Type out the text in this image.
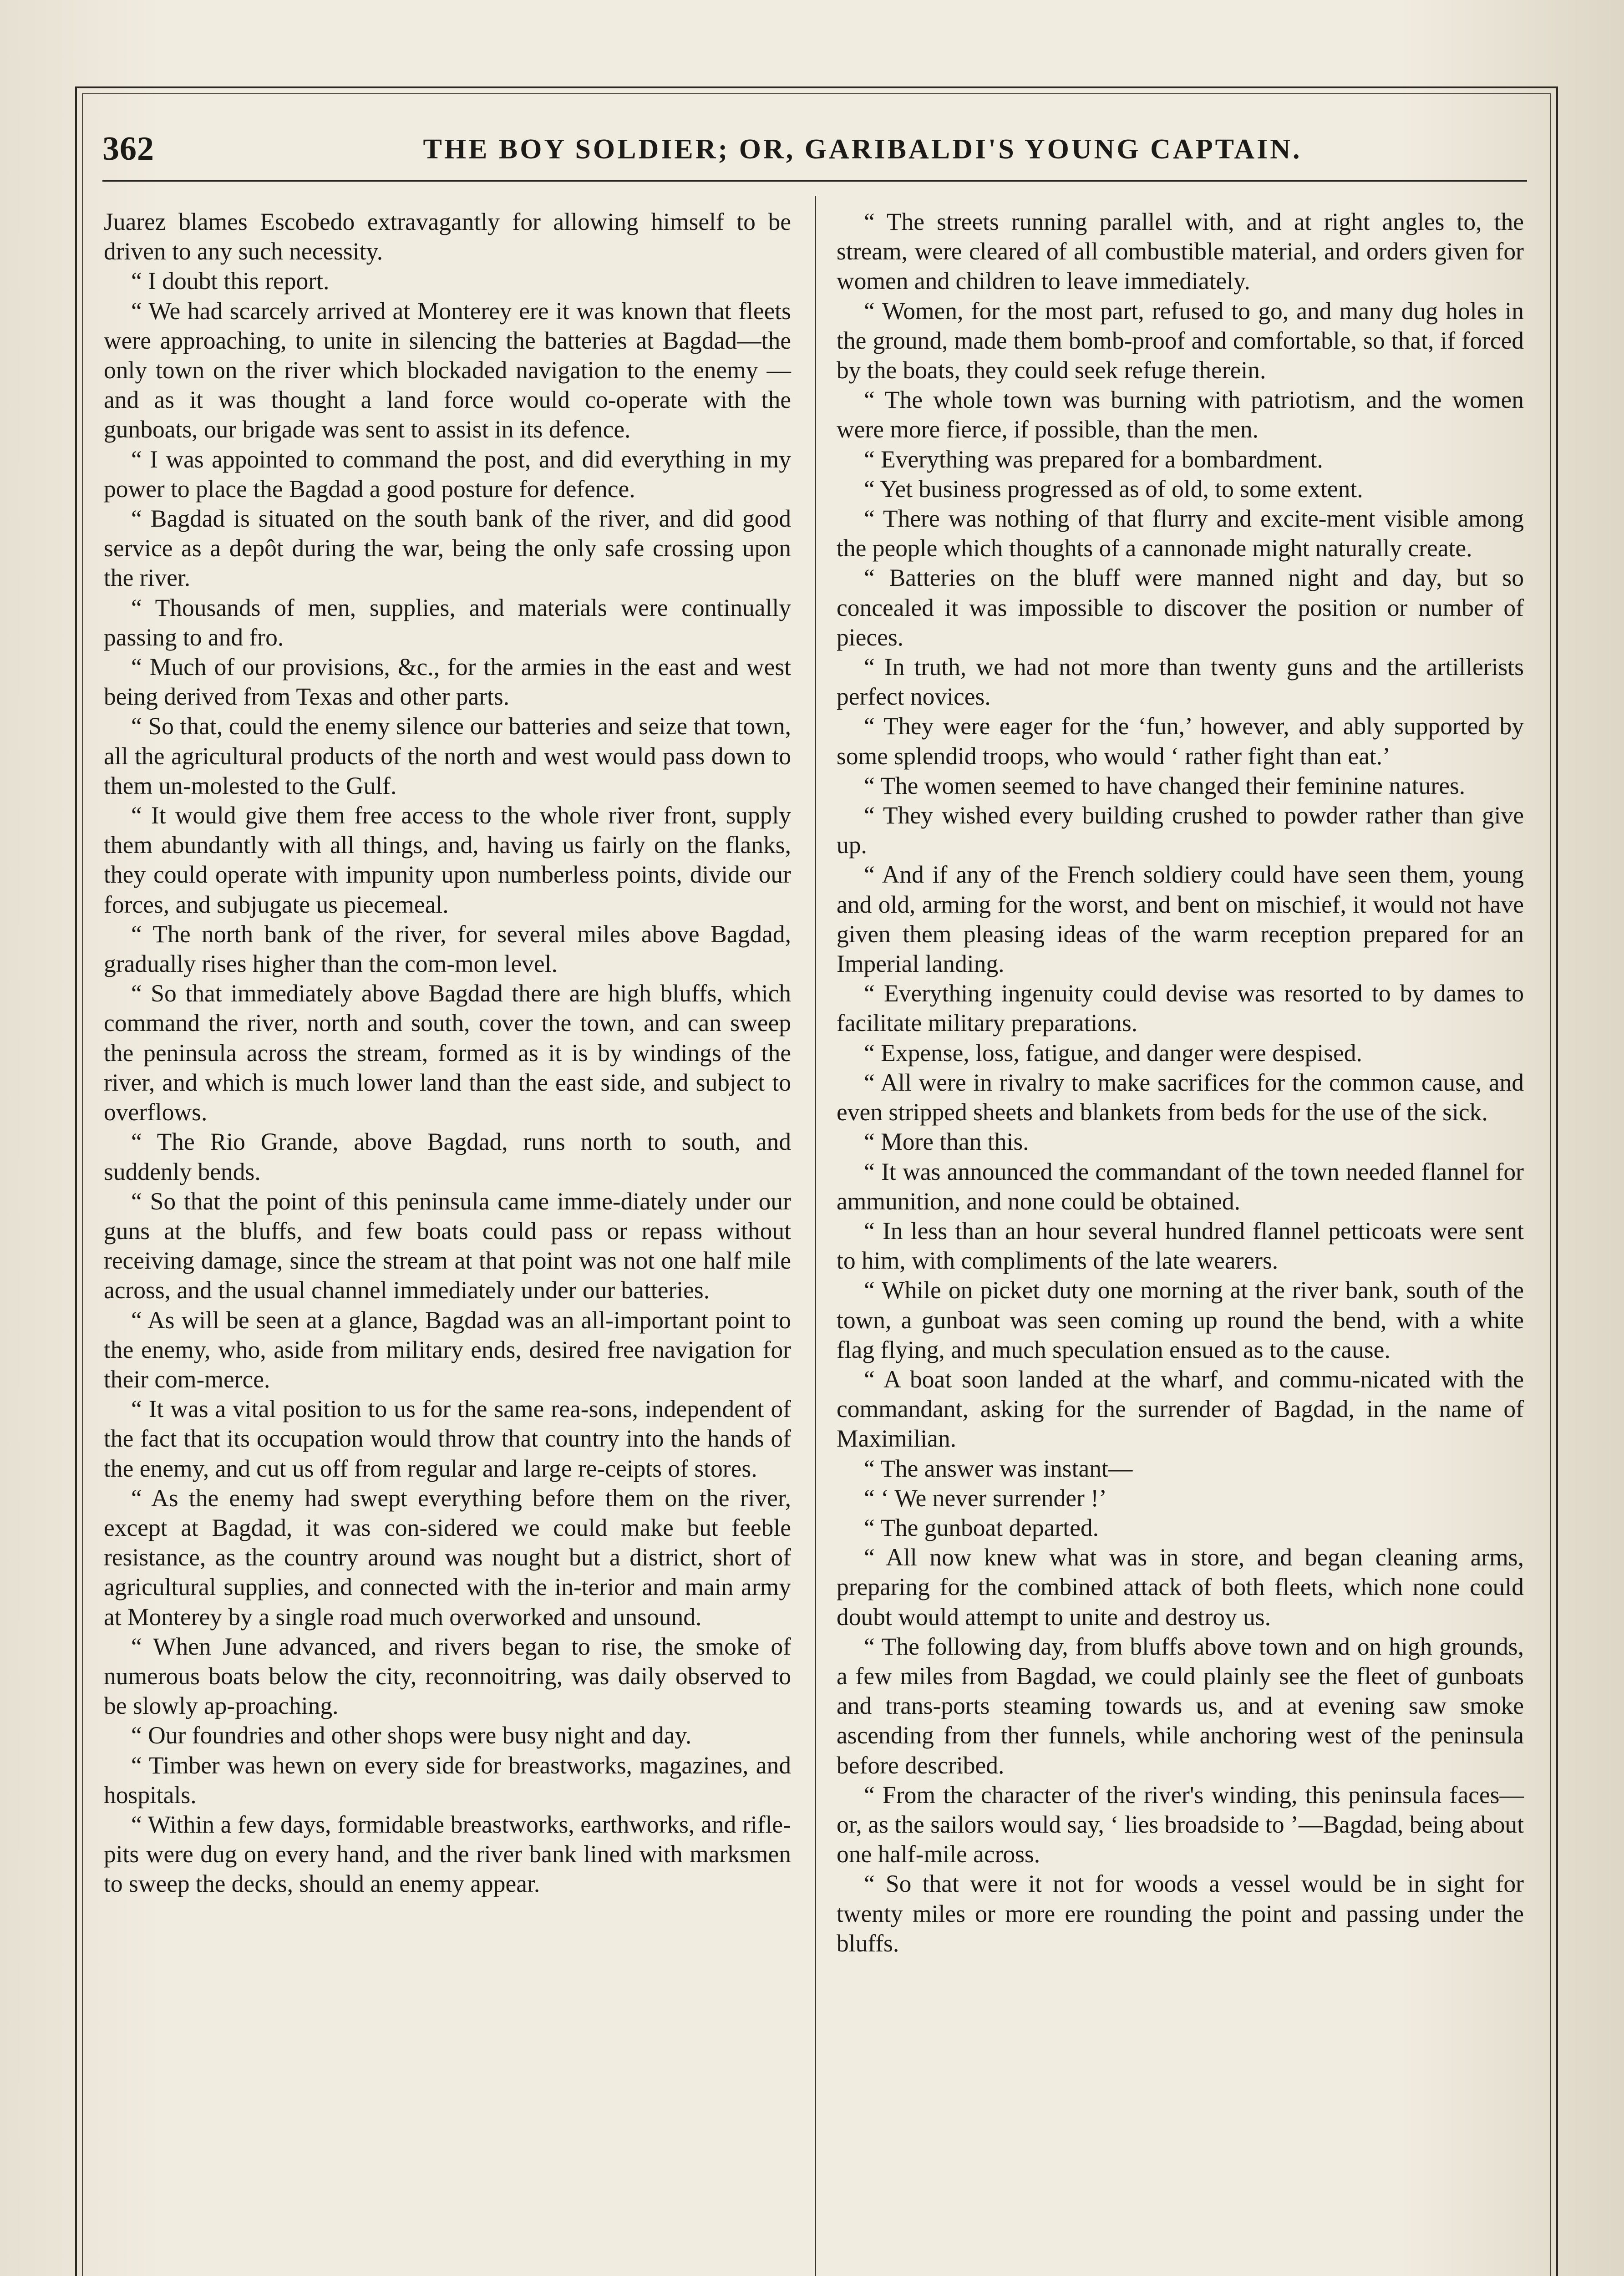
362	THE BOY SOLDIER; OR, GARIBALDI'S YOUNG CAPTAIN.

Juarez blames Escobedo extravagantly for allowing himself to be driven to any such necessity.

“ I doubt this report.

“ We had scarcely arrived at Monterey ere it was known that fleets were approaching, to unite in silencing the batteries at Bagdad—the only town on the river which blockaded navigation to the enemy —and as it was thought a land force would co-operate with the gunboats, our brigade was sent to assist in its defence.

“ I was appointed to command the post, and did everything in my power to place the Bagdad a good posture for defence.

“ Bagdad is situated on the south bank of the river, and did good service as a depôt during the war, being the only safe crossing upon the river.

“ Thousands of men, supplies, and materials were continually passing to and fro.

“ Much of our provisions, &c., for the armies in the east and west being derived from Texas and other parts.

“ So that, could the enemy silence our batteries and seize that town, all the agricultural products of the north and west would pass down to them un-molested to the Gulf.

“ It would give them free access to the whole river front, supply them abundantly with all things, and, having us fairly on the flanks, they could operate with impunity upon numberless points, divide our forces, and subjugate us piecemeal.

“ The north bank of the river, for several miles above Bagdad, gradually rises higher than the com-mon level.

“ So that immediately above Bagdad there are high bluffs, which command the river, north and south, cover the town, and can sweep the peninsula across the stream, formed as it is by windings of the river, and which is much lower land than the east side, and subject to overflows.

“ The Rio Grande, above Bagdad, runs north to south, and suddenly bends.

“ So that the point of this peninsula came imme-diately under our guns at the bluffs, and few boats could pass or repass without receiving damage, since the stream at that point was not one half mile across, and the usual channel immediately under our batteries.

“ As will be seen at a glance, Bagdad was an all-important point to the enemy, who, aside from military ends, desired free navigation for their com-merce.

“ It was a vital position to us for the same rea-sons, independent of the fact that its occupation would throw that country into the hands of the enemy, and cut us off from regular and large re-ceipts of stores.

“ As the enemy had swept everything before them on the river, except at Bagdad, it was con-sidered we could make but feeble resistance, as the country around was nought but a district, short of agricultural supplies, and connected with the in-terior and main army at Monterey by a single road much overworked and unsound.

“ When June advanced, and rivers began to rise, the smoke of numerous boats below the city, reconnoitring, was daily observed to be slowly ap-proaching.

“ Our foundries and other shops were busy night and day.

“ Timber was hewn on every side for breastworks, magazines, and hospitals.

“ Within a few days, formidable breastworks, earthworks, and rifle-pits were dug on every hand, and the river bank lined with marksmen to sweep the decks, should an enemy appear.

“ The streets running parallel with, and at right angles to, the stream, were cleared of all combustible material, and orders given for women and children to leave immediately.

“ Women, for the most part, refused to go, and many dug holes in the ground, made them bomb-proof and comfortable, so that, if forced by the boats, they could seek refuge therein.

“ The whole town was burning with patriotism, and the women were more fierce, if possible, than the men.

“ Everything was prepared for a bombardment.

“ Yet business progressed as of old, to some extent.

“ There was nothing of that flurry and excite-ment visible among the people which thoughts of a cannonade might naturally create.

“ Batteries on the bluff were manned night and day, but so concealed it was impossible to discover the position or number of pieces.

“ In truth, we had not more than twenty guns and the artillerists perfect novices.

“ They were eager for the ‘fun,’ however, and ably supported by some splendid troops, who would ‘ rather fight than eat.’

“ The women seemed to have changed their feminine natures.

“ They wished every building crushed to powder rather than give up.

“ And if any of the French soldiery could have seen them, young and old, arming for the worst, and bent on mischief, it would not have given them pleasing ideas of the warm reception prepared for an Imperial landing.

“ Everything ingenuity could devise was resorted to by dames to facilitate military preparations.

“ Expense, loss, fatigue, and danger were despised.

“ All were in rivalry to make sacrifices for the common cause, and even stripped sheets and blankets from beds for the use of the sick.

“ More than this.

“ It was announced the commandant of the town needed flannel for ammunition, and none could be obtained.

“ In less than an hour several hundred flannel petticoats were sent to him, with compliments of the late wearers.

“ While on picket duty one morning at the river bank, south of the town, a gunboat was seen coming up round the bend, with a white flag flying, and much speculation ensued as to the cause.

“ A boat soon landed at the wharf, and commu-nicated with the commandant, asking for the surrender of Bagdad, in the name of Maximilian.

“ The answer was instant—

“ ‘ We never surrender !’

“ The gunboat departed.

“ All now knew what was in store, and began cleaning arms, preparing for the combined attack of both fleets, which none could doubt would attempt to unite and destroy us.

“ The following day, from bluffs above town and on high grounds, a few miles from Bagdad, we could plainly see the fleet of gunboats and trans-ports steaming towards us, and at evening saw smoke ascending from ther funnels, while anchoring west of the peninsula before described.

“ From the character of the river's winding, this peninsula faces—or, as the sailors would say, ‘ lies broadside to ’—Bagdad, being about one half-mile across.

“ So that were it not for woods a vessel would be in sight for twenty miles or more ere rounding the point and passing under the bluffs.
